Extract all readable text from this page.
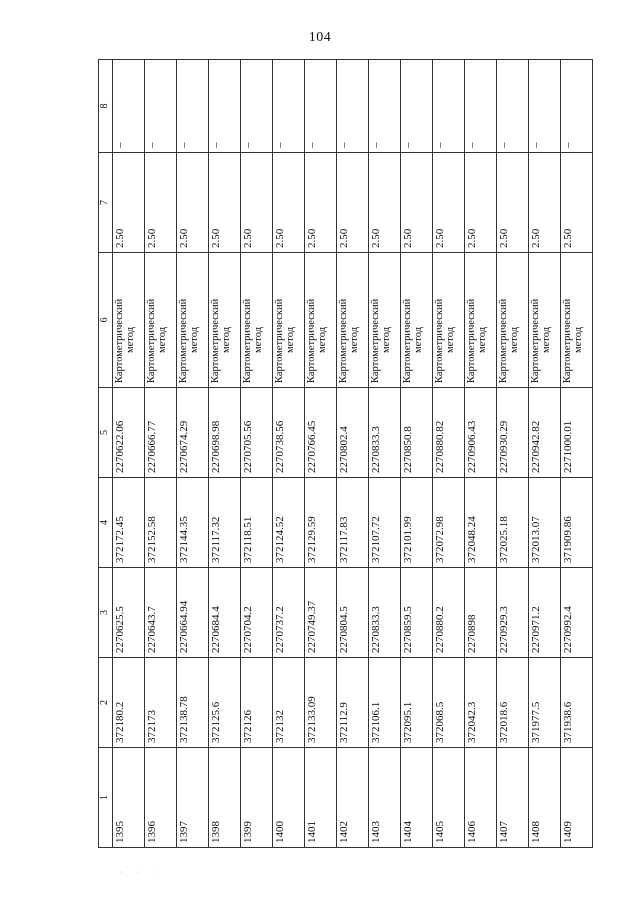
104
1	2	3	4	5	6	7	8
1395	372180.2	2270625.5	372172.45	2270622.06	Картометрический метод	2.50	–
1396	372173	2270643.7	372152.58	2270666.77	Картометрический метод	2.50	–
1397	372138.78	2270664.94	372144.35	2270674.29	Картометрический метод	2.50	–
1398	372125.6	2270684.4	372117.32	2270698.98	Картометрический метод	2.50	–
1399	372126	2270704.2	372118.51	2270705.56	Картометрический метод	2.50	–
1400	372132	2270737.2	372124.52	2270738.56	Картометрический метод	2.50	–
1401	372133.09	2270749.37	372129.59	2270766.45	Картометрический метод	2.50	–
1402	372112.9	2270804.5	372117.83	2270802.4	Картометрический метод	2.50	–
1403	372106.1	2270833.3	372107.72	2270833.3	Картометрический метод	2.50	–
1404	372095.1	2270859.5	372101.99	2270850.8	Картометрический метод	2.50	–
1405	372068.5	2270880.2	372072.98	2270880.82	Картометрический метод	2.50	–
1406	372042.3	2270898	372048.24	2270906.43	Картометрический метод	2.50	–
1407	372018.6	2270929.3	372025.18	2270930.29	Картометрический метод	2.50	–
1408	371977.5	2270971.2	372013.07	2270942.82	Картометрический метод	2.50	–
1409	371938.6	2270992.4	371909.86	2271000.01	Картометрический метод	2.50	–
· · ·
